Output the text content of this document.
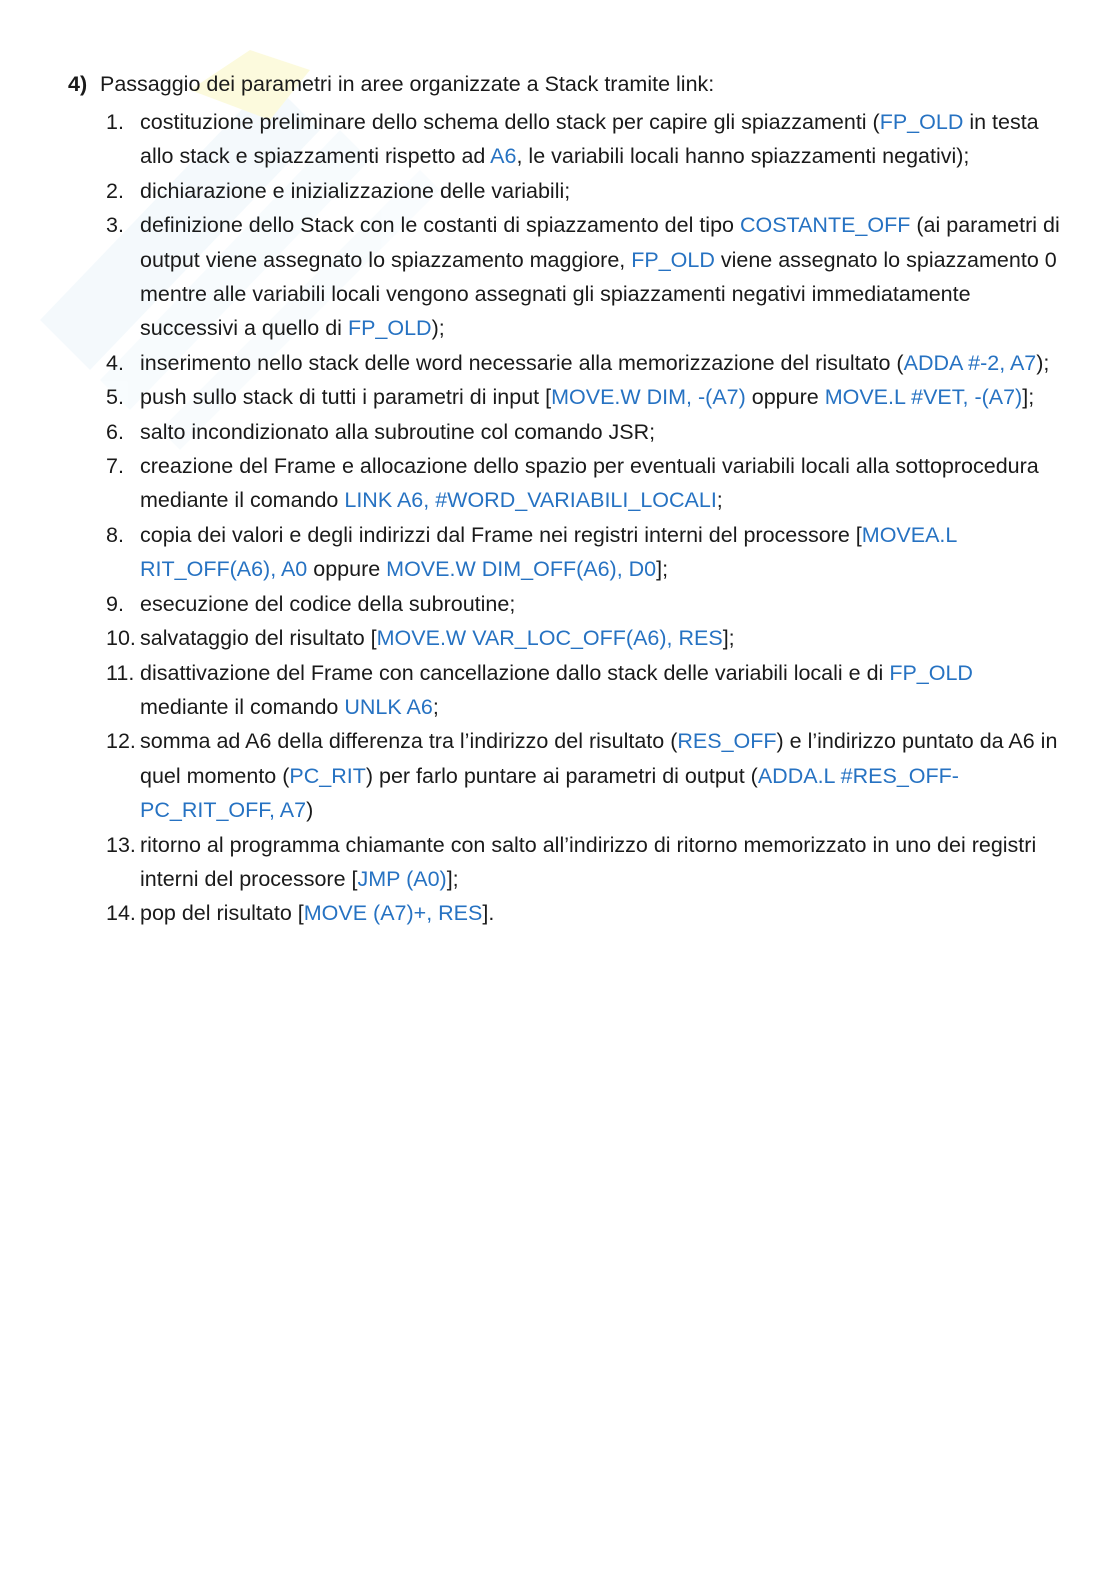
4) Passaggio dei parametri in aree organizzate a Stack tramite link:
1. costituzione preliminare dello schema dello stack per capire gli spiazzamenti (FP_OLD in testa allo stack e spiazzamenti rispetto ad A6, le variabili locali hanno spiazzamenti negativi);
2. dichiarazione e inizializzazione delle variabili;
3. definizione dello Stack con le costanti di spiazzamento del tipo COSTANTE_OFF (ai parametri di output viene assegnato lo spiazzamento maggiore, FP_OLD viene assegnato lo spiazzamento 0 mentre alle variabili locali vengono assegnati gli spiazzamenti negativi immediatamente successivi a quello di FP_OLD);
4. inserimento nello stack delle word necessarie alla memorizzazione del risultato (ADDA #-2, A7);
5. push sullo stack di tutti i parametri di input [MOVE.W DIM, -(A7) oppure MOVE.L #VET, -(A7)];
6. salto incondizionato alla subroutine col comando JSR;
7. creazione del Frame e allocazione dello spazio per eventuali variabili locali alla sottoprocedura mediante il comando LINK A6, #WORD_VARIABILI_LOCALI;
8. copia dei valori e degli indirizzi dal Frame nei registri interni del processore [MOVEA.L RIT_OFF(A6), A0 oppure MOVE.W DIM_OFF(A6), D0];
9. esecuzione del codice della subroutine;
10. salvataggio del risultato [MOVE.W VAR_LOC_OFF(A6), RES];
11. disattivazione del Frame con cancellazione dallo stack delle variabili locali e di FP_OLD mediante il comando UNLK A6;
12. somma ad A6 della differenza tra l’indirizzo del risultato (RES_OFF) e l’indirizzo puntato da A6 in quel momento (PC_RIT) per farlo puntare ai parametri di output (ADDA.L #RES_OFF-PC_RIT_OFF, A7)
13. ritorno al programma chiamante con salto all’indirizzo di ritorno memorizzato in uno dei registri interni del processore [JMP (A0)];
14. pop del risultato [MOVE (A7)+, RES].
